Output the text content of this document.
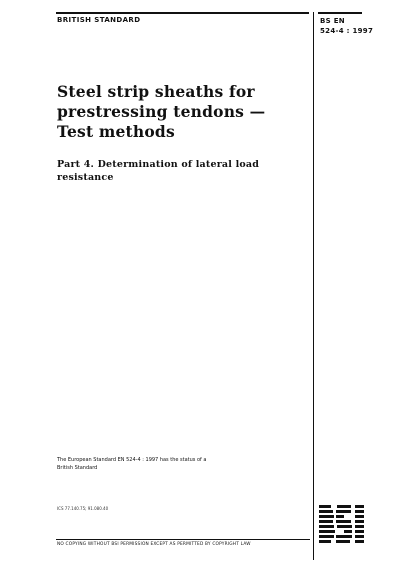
BRITISH STANDARD	BS EN
524-4 : 1997
Steel strip sheaths for
prestressing tendons —
Test methods
Part 4. Determination of lateral load
resistance
The European Standard EN 524-4 : 1997 has the status of a
British Standard
ICS 77.140.75; 91.080.40
NO COPYING WITHOUT BSI PERMISSION EXCEPT AS PERMITTED BY COPYRIGHT LAW
